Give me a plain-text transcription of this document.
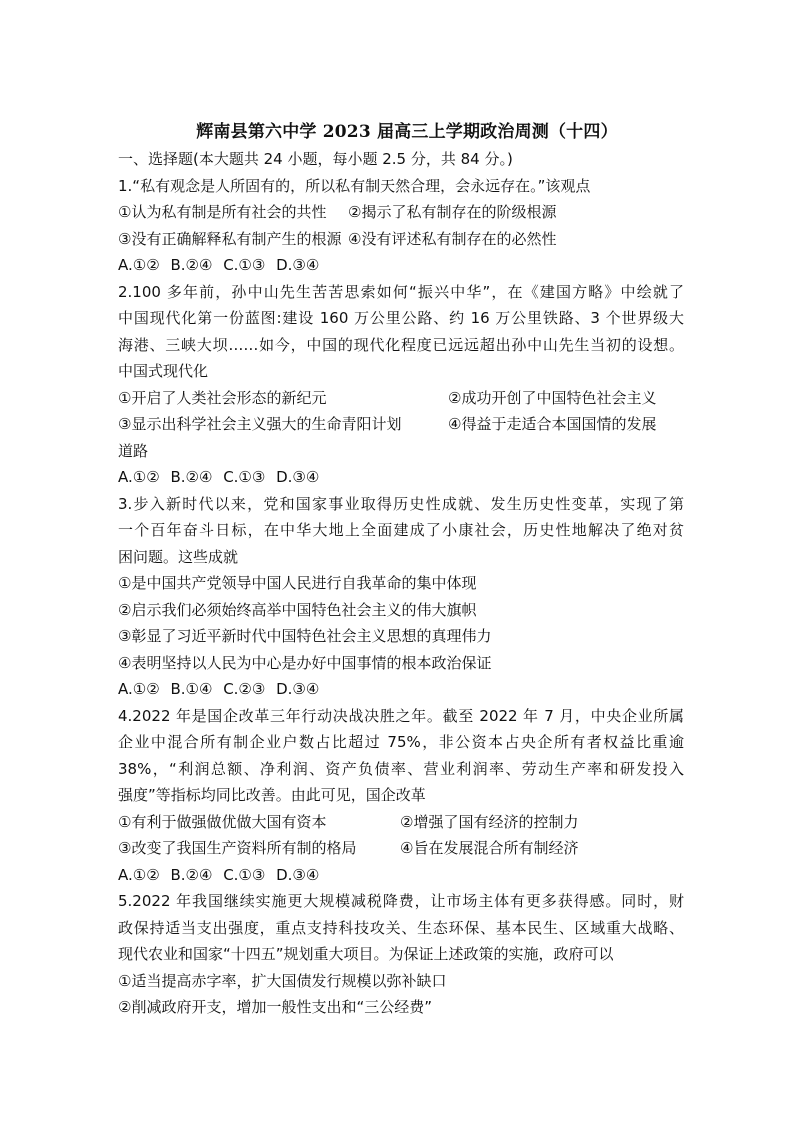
辉南县第六中学 2023 届高三上学期政治周测（十四）
一、选择题(本大题共 24 小题，每小题 2.5 分，共 84 分。)
1.“私有观念是人所固有的，所以私有制天然合理，会永远存在。”该观点
①认为私有制是所有社会的共性	②揭示了私有制存在的阶级根源
③没有正确解释私有制产生的根源 ④没有评述私有制存在的必然性
A.①② B.②④ C.①③ D.③④
2.100 多年前，孙中山先生苦苦思索如何“振兴中华”，在《建国方略》中绘就了
中国现代化第一份蓝图:建设 160 万公里公路、约 16 万公里铁路、3 个世界级大
海港、三峡大坝……如今，中国的现代化程度已远远超出孙中山先生当初的设想。
中国式现代化
①开启了人类社会形态的新纪元	②成功开创了中国特色社会主义
③显示出科学社会主义强大的生命青阳计划	④得益于走适合本国国情的发展
道路
A.①② B.②④ C.①③ D.③④
3.步入新时代以来，党和国家事业取得历史性成就、发生历史性变革，实现了第
一个百年奋斗日标，在中华大地上全面建成了小康社会，历史性地解决了绝对贫
困问题。这些成就
①是中国共产党领导中国人民进行自我革命的集中体现
②启示我们必须始终高举中国特色社会主义的伟大旗帜
③彰显了习近平新时代中国特色社会主义思想的真理伟力
④表明坚持以人民为中心是办好中国事情的根本政治保证
A.①② B.①④ C.②③ D.③④
4.2022 年是国企改革三年行动决战决胜之年。截至 2022 年 7 月，中央企业所属
企业中混合所有制企业户数占比超过 75%，非公资本占央企所有者权益比重逾
38%，“利润总额、净利润、资产负债率、营业利润率、劳动生产率和研发投入
强度”等指标均同比改善。由此可见，国企改革
①有利于做强做优做大国有资本	②增强了国有经济的控制力
③改变了我国生产资料所有制的格局	④旨在发展混合所有制经济
A.①② B.②④ C.①③ D.③④
5.2022 年我国继续实施更大规模减税降费，让市场主体有更多获得感。同时，财
政保持适当支出强度，重点支持科技攻关、生态环保、基本民生、区域重大战略、
现代农业和国家“十四五”规划重大项目。为保证上述政策的实施，政府可以
①适当提高赤字率，扩大国债发行规模以弥补缺口
②削减政府开支，增加一般性支出和“三公经费”
